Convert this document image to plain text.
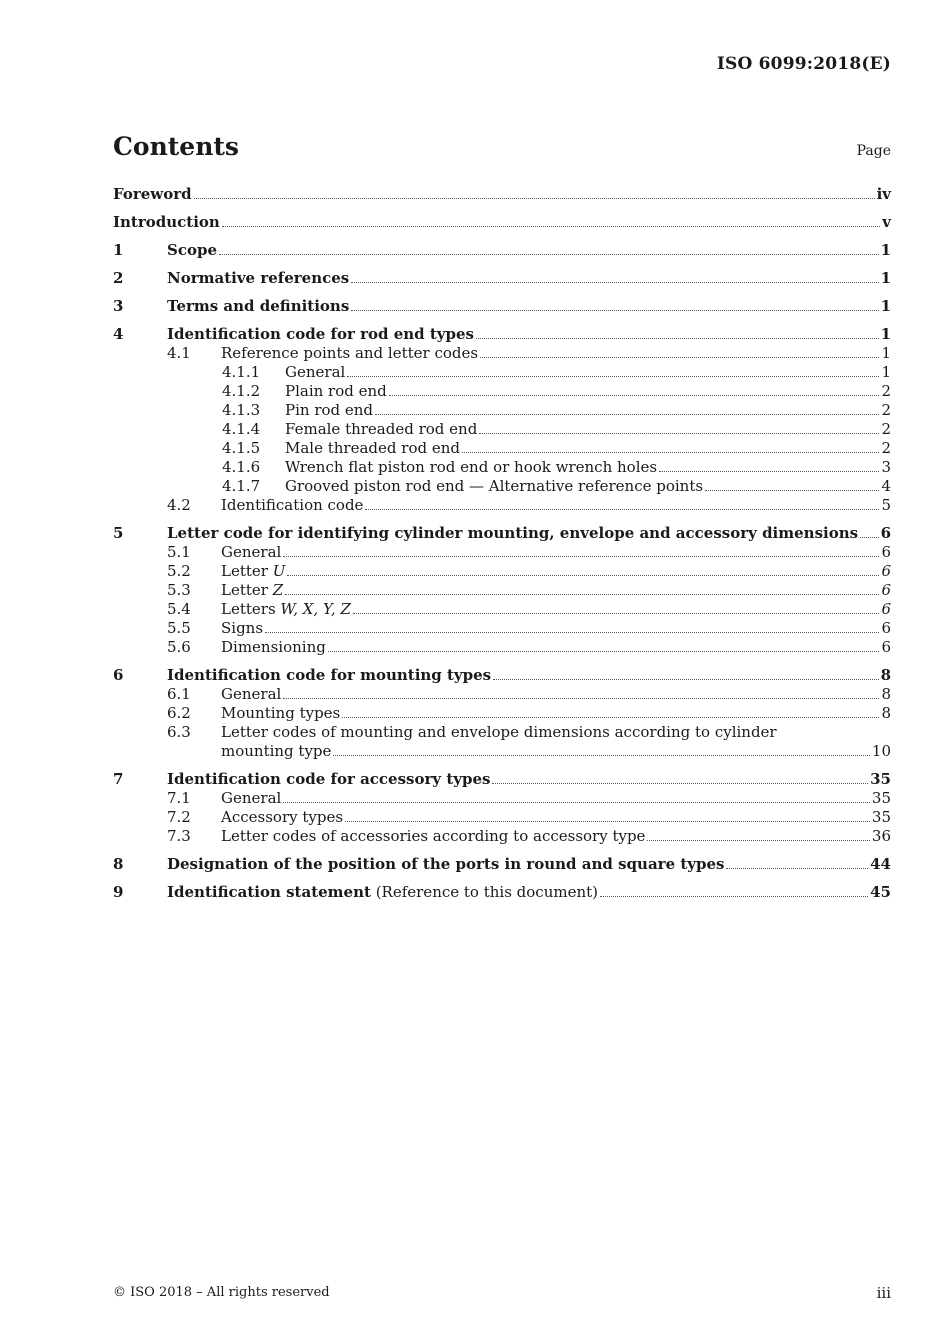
ISO 6099:2018(E)
Contents	Page
Foreword	iv
Introduction	v
1	Scope	1
2	Normative references	1
3	Terms and definitions	1
4	Identification code for rod end types	1
4.1	Reference points and letter codes	1
4.1.1	General	1
4.1.2	Plain rod end	2
4.1.3	Pin rod end	2
4.1.4	Female threaded rod end	2
4.1.5	Male threaded rod end	2
4.1.6	Wrench flat piston rod end or hook wrench holes	3
4.1.7	Grooved piston rod end — Alternative reference points	4
4.2	Identification code	5
5	Letter code for identifying cylinder mounting, envelope and accessory dimensions 6
5.1	General	6
5.2	Letter U	6
5.3	Letter Z	6
5.4	Letters W, X, Y, Z	6
5.5	Signs	6
5.6	Dimensioning	6
6	Identification code for mounting types	8
6.1	General	8
6.2	Mounting types	8
6.3	Letter codes of mounting and envelope dimensions according to cylinder
mounting type	10
7	Identification code for accessory types	35
7.1	General	35
7.2	Accessory types	35
7.3	Letter codes of accessories according to accessory type	36
8	Designation of the position of the ports in round and square types	44
9	Identification statement (Reference to this document)	45
© ISO 2018 – All rights reserved	iii
